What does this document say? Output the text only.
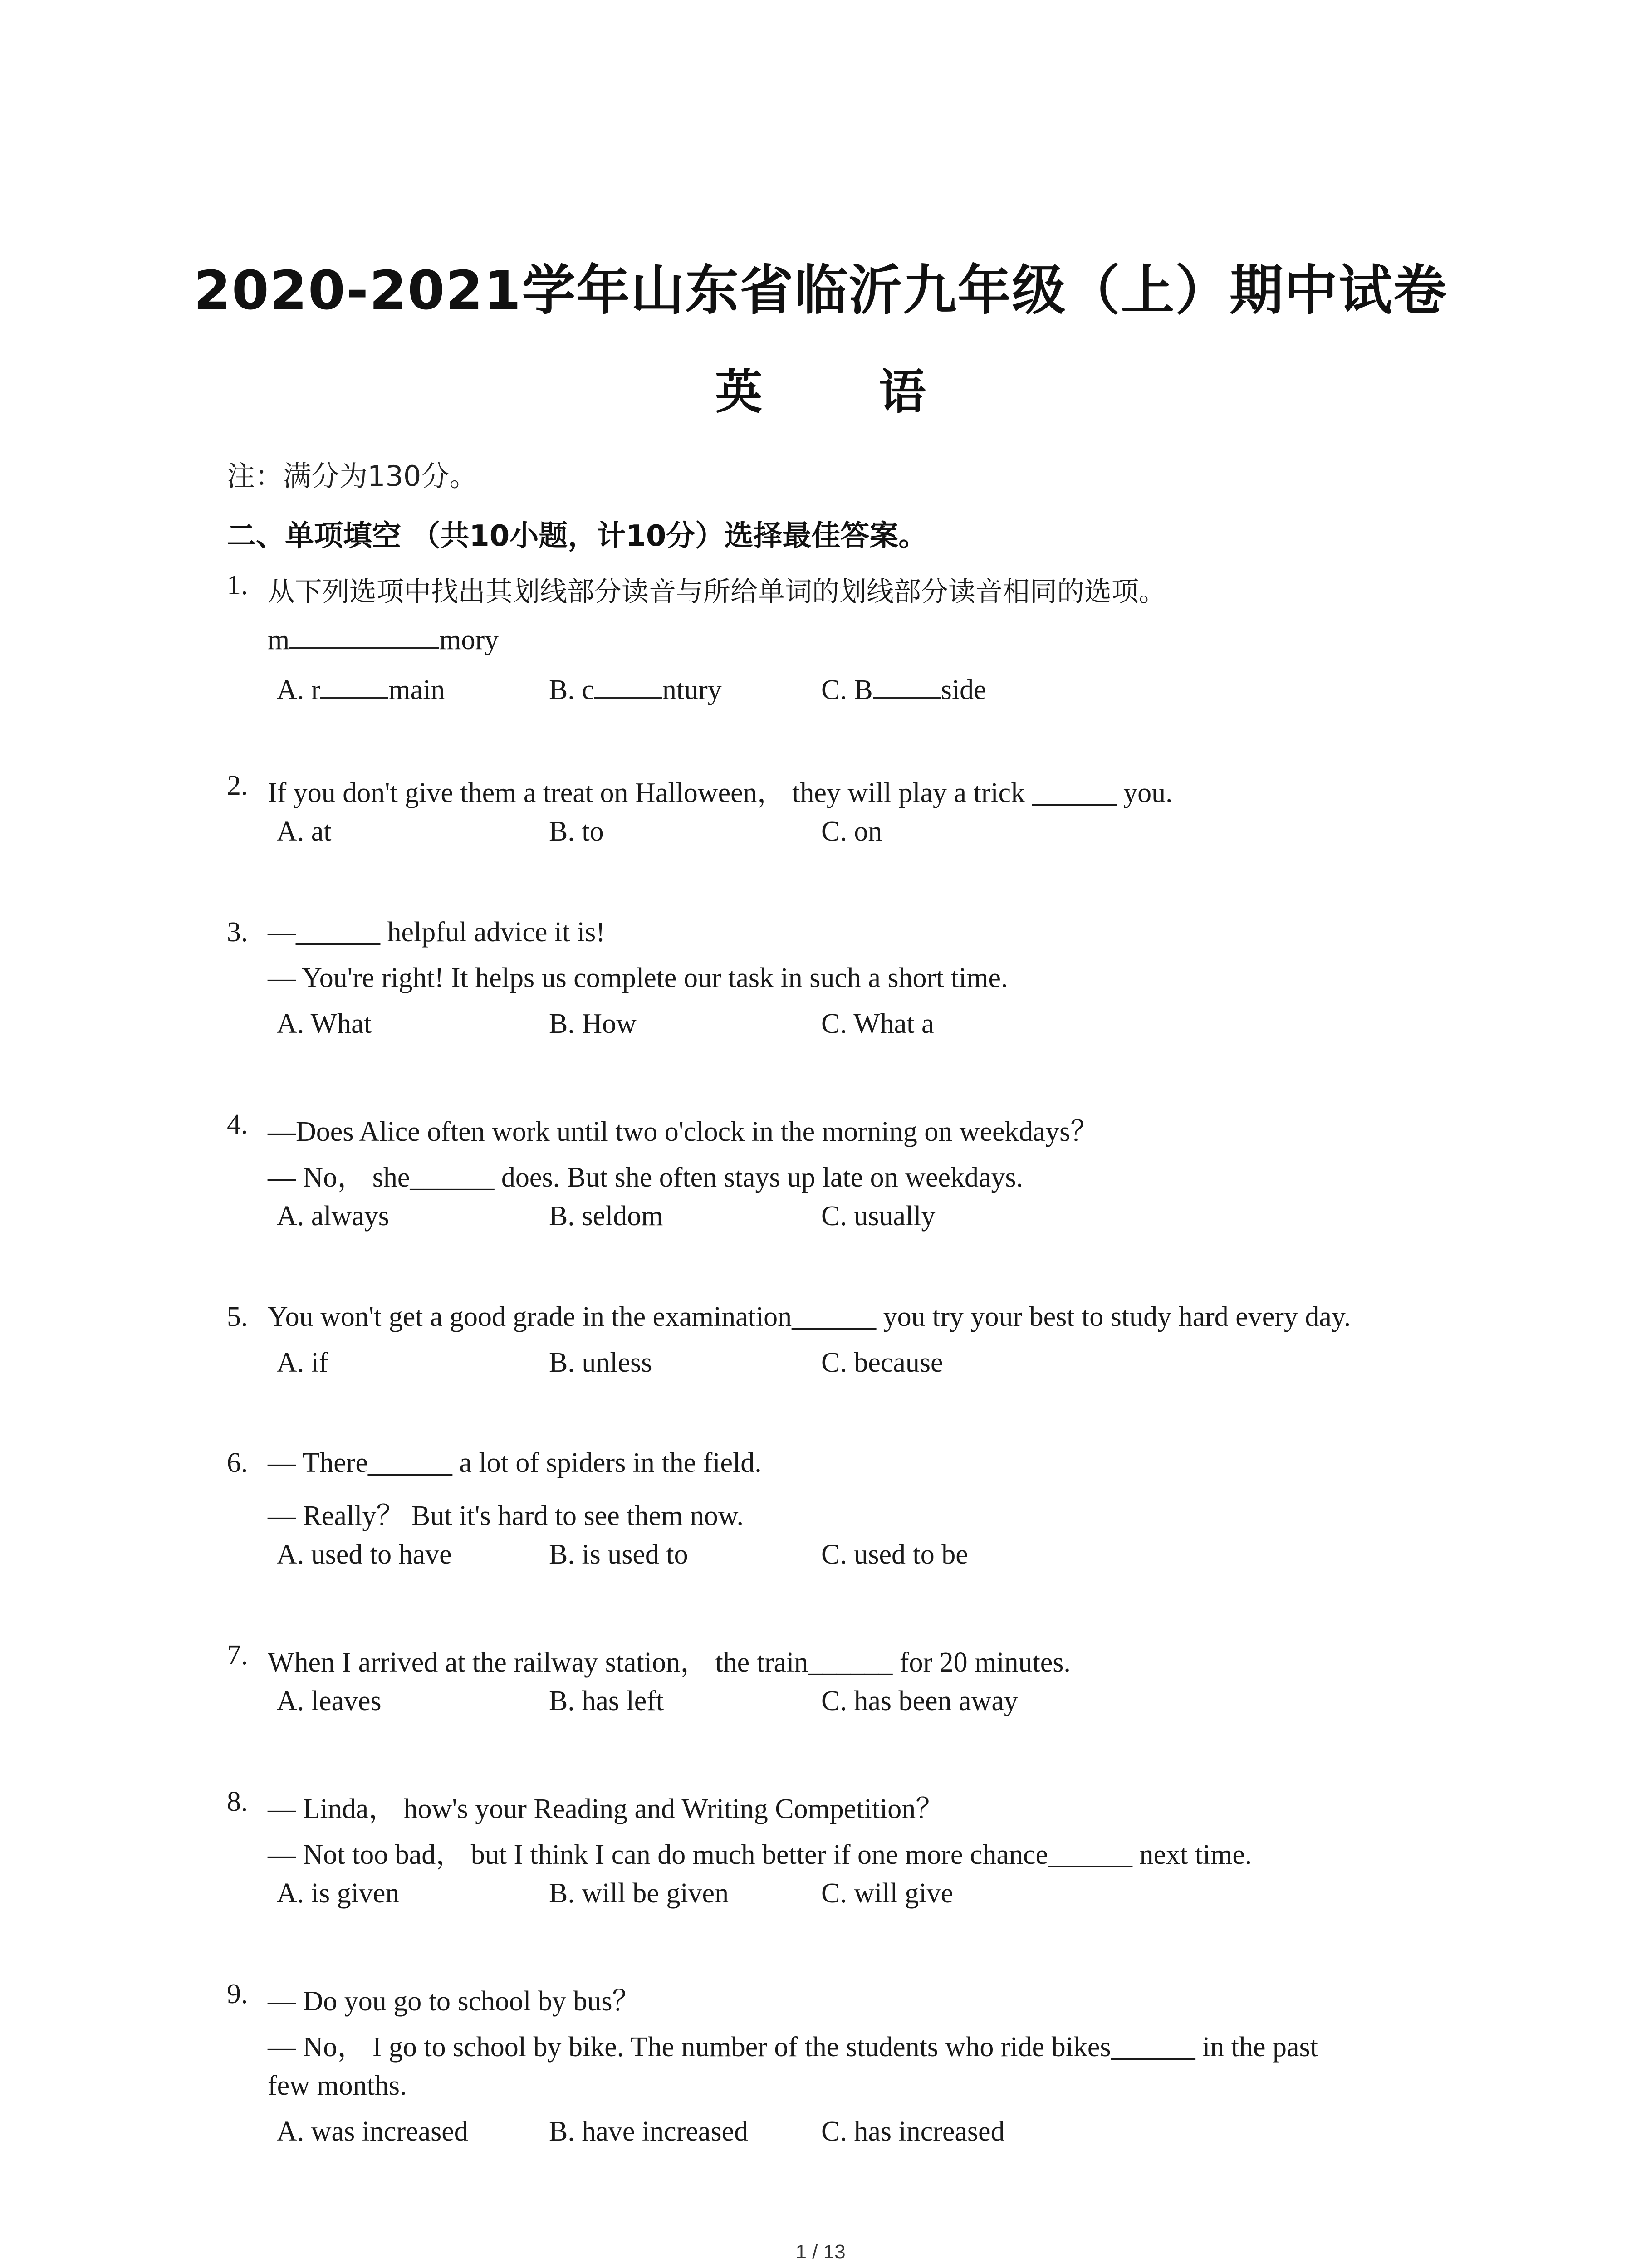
2020-2021学年山东省临沂九年级（上）期中试卷
英 语
注：满分为130分。
二、单项填空 （共10小题，计10分）选择最佳答案。
1. 从下列选项中找出其划线部分读音与所给单词的划线部分读音相同的选项。
m	mory
A. r main	B. c ntury	C. B side
2. If you don't give them a treat on Halloween， they will play a trick ______ you.
A. at	B. to	C. on
3. —______ helpful advice it is!
— You're right! It helps us complete our task in such a short time.
A. What	B. How	C. What a
4. —Does Alice often work until two o'clock in the morning on weekdays？
— No， she______ does. But she often stays up late on weekdays.
A. always	B. seldom	C. usually
5. You won't get a good grade in the examination______ you try your best to study hard every day.
A. if	B. unless	C. because
6. — There______ a lot of spiders in the field.
— Really？ But it's hard to see them now.
A. used to have	B. is used to	C. used to be
7. When I arrived at the railway station， the train______ for 20 minutes.
A. leaves	B. has left	C. has been away
8. — Linda， how's your Reading and Writing Competition？
— Not too bad， but I think I can do much better if one more chance______ next time.
A. is given	B. will be given	C. will give
9. — Do you go to school by bus？
— No， I go to school by bike. The number of the students who ride bikes______ in the past
few months.
A. was increased	B. have increased	C. has increased
1 / 13
